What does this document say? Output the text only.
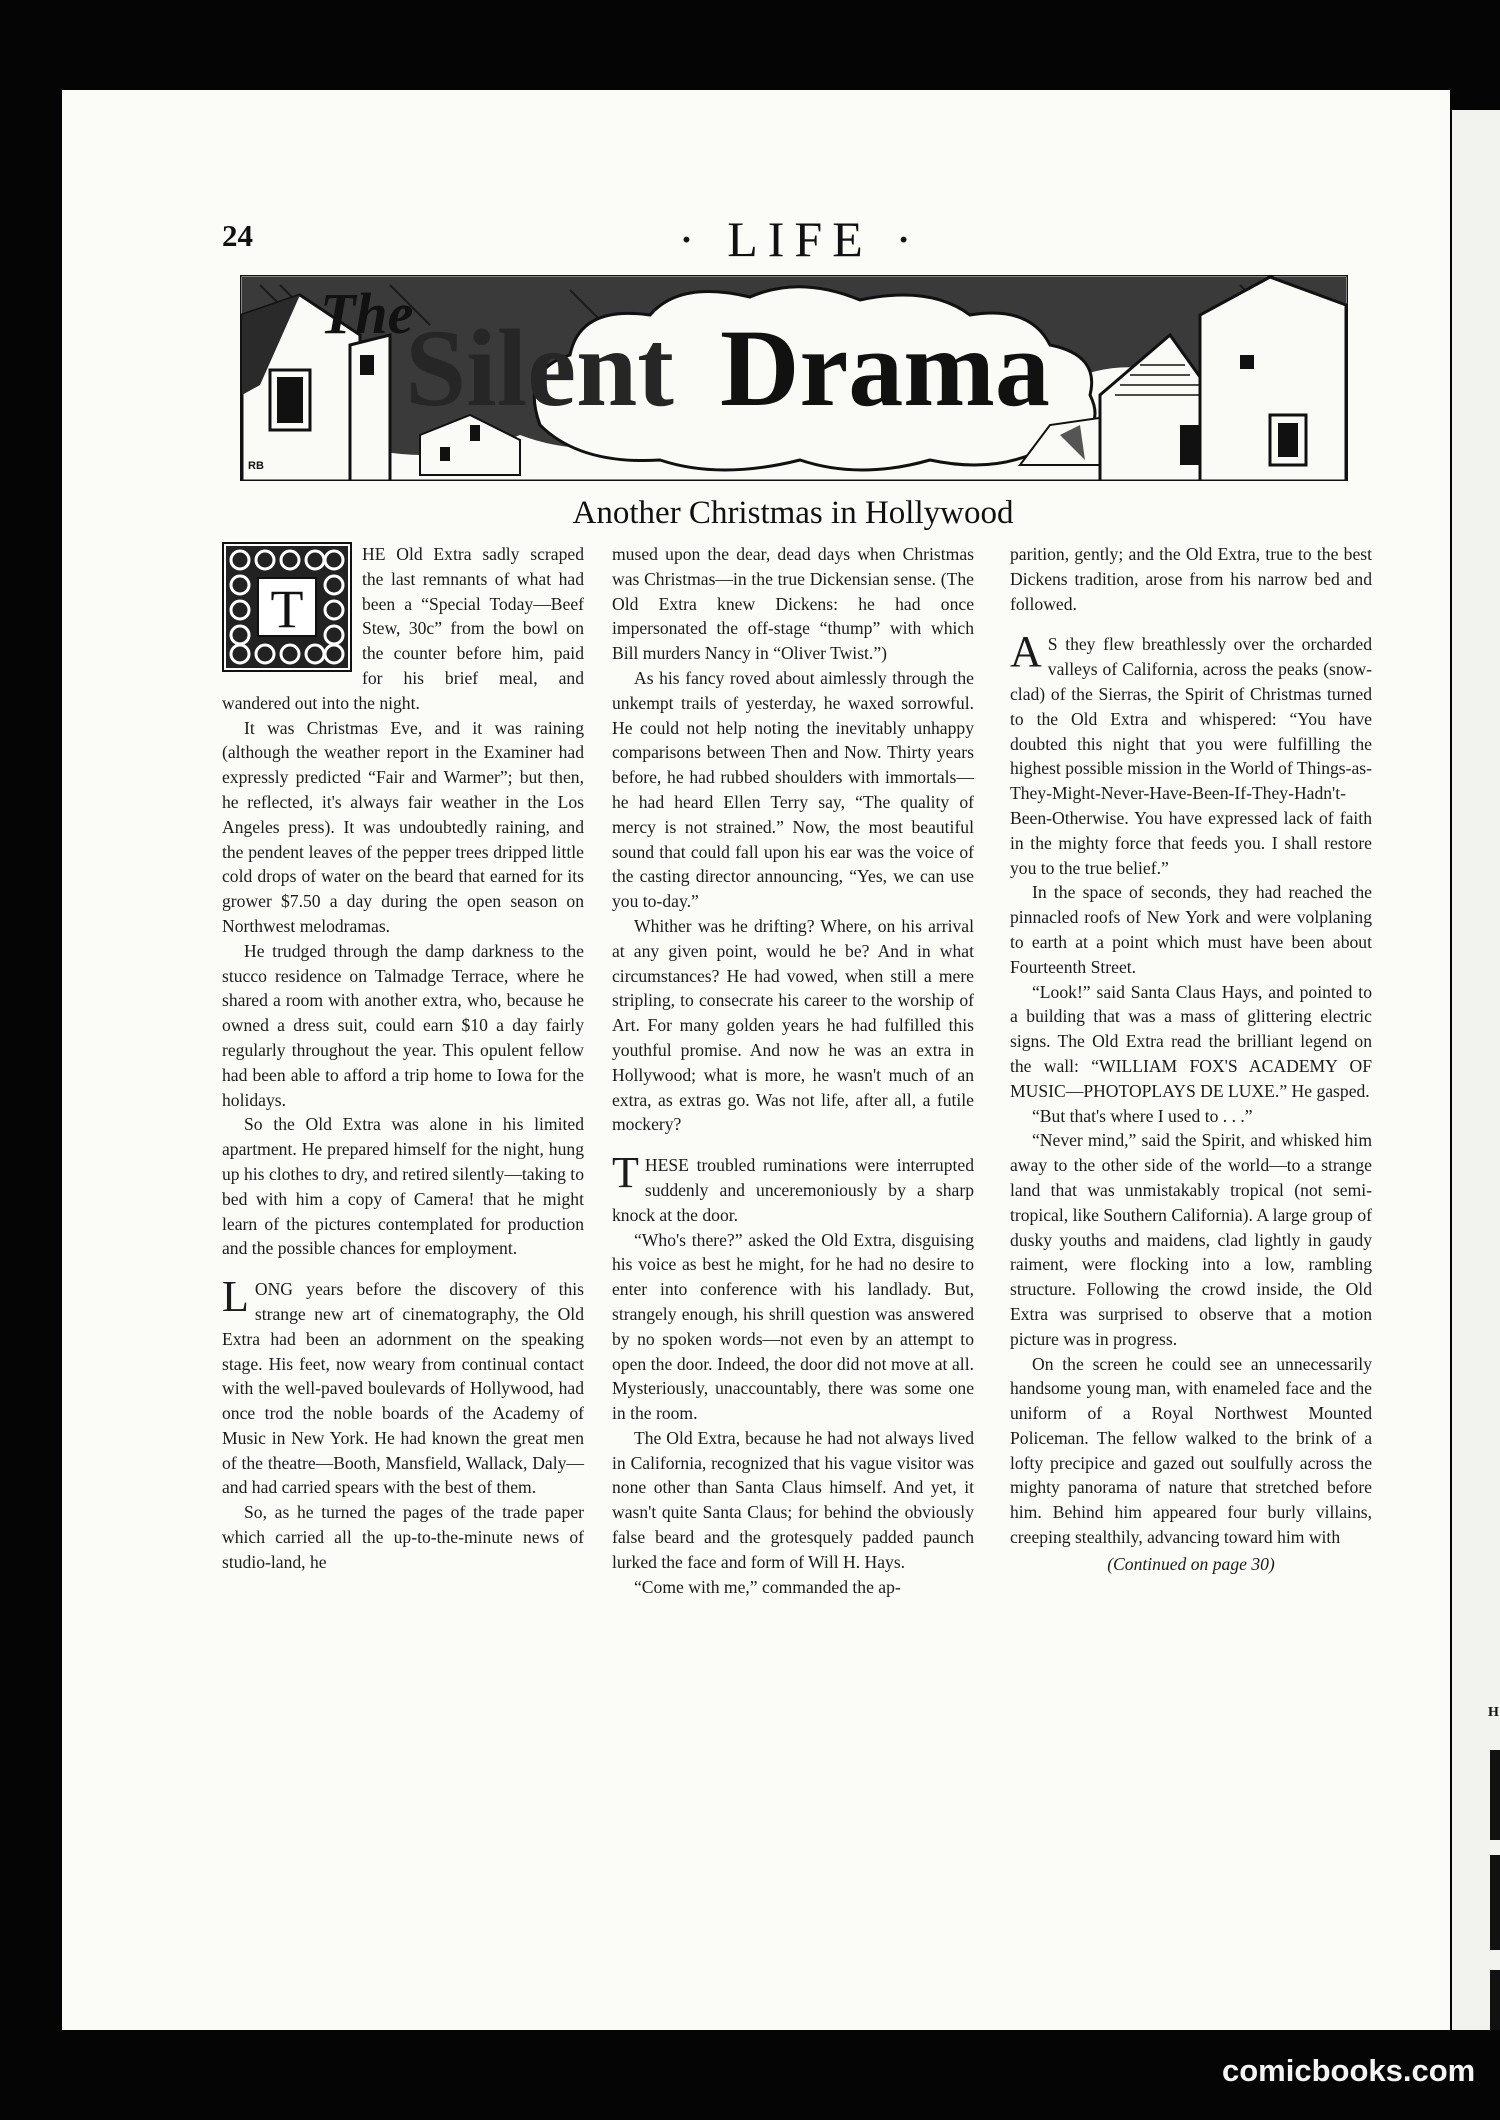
H
24	· LIFE ·
The
Silent Drama
RB
Another Christmas in Hollywood
T

HE Old Extra sadly scraped the last remnants of what had been a “Special Today—Beef Stew, 30c” from the bowl on the counter before him, paid for his brief meal, and wandered out into the night.

It was Christmas Eve, and it was raining (although the weather report in the Examiner had expressly predicted “Fair and Warmer”; but then, he reflected, it's always fair weather in the Los Angeles press). It was undoubtedly raining, and the pendent leaves of the pepper trees dripped little cold drops of water on the beard that earned for its grower $7.50 a day during the open season on Northwest melodramas.

He trudged through the damp darkness to the stucco residence on Talmadge Terrace, where he shared a room with another extra, who, because he owned a dress suit, could earn $10 a day fairly regularly throughout the year. This opulent fellow had been able to afford a trip home to Iowa for the holidays.

So the Old Extra was alone in his limited apartment. He prepared himself for the night, hung up his clothes to dry, and retired silently—taking to bed with him a copy of Camera! that he might learn of the pictures contemplated for production and the possible chances for employment.

LONG years before the discovery of this strange new art of cinematography, the Old Extra had been an adornment on the speaking stage. His feet, now weary from continual contact with the well-paved boulevards of Hollywood, had once trod the noble boards of the Academy of Music in New York. He had known the great men of the theatre—Booth, Mansfield, Wallack, Daly—and had carried spears with the best of them.

So, as he turned the pages of the trade paper which carried all the up-to-the-minute news of studio-land, he

mused upon the dear, dead days when Christmas was Christmas—in the true Dickensian sense. (The Old Extra knew Dickens: he had once impersonated the off-stage “thump” with which Bill murders Nancy in “Oliver Twist.”)

As his fancy roved about aimlessly through the unkempt trails of yesterday, he waxed sorrowful. He could not help noting the inevitably unhappy comparisons between Then and Now. Thirty years before, he had rubbed shoulders with immortals—he had heard Ellen Terry say, “The quality of mercy is not strained.” Now, the most beautiful sound that could fall upon his ear was the voice of the casting director announcing, “Yes, we can use you to-day.”

Whither was he drifting? Where, on his arrival at any given point, would he be? And in what circumstances? He had vowed, when still a mere stripling, to consecrate his career to the worship of Art. For many golden years he had fulfilled this youthful promise. And now he was an extra in Hollywood; what is more, he wasn't much of an extra, as extras go. Was not life, after all, a futile mockery?

THESE troubled ruminations were interrupted suddenly and unceremoniously by a sharp knock at the door.

“Who's there?” asked the Old Extra, disguising his voice as best he might, for he had no desire to enter into conference with his landlady. But, strangely enough, his shrill question was answered by no spoken words—not even by an attempt to open the door. Indeed, the door did not move at all. Mysteriously, unaccountably, there was some one in the room.

The Old Extra, because he had not always lived in California, recognized that his vague visitor was none other than Santa Claus himself. And yet, it wasn't quite Santa Claus; for behind the obviously false beard and the grotesquely padded paunch lurked the face and form of Will H. Hays.

“Come with me,” commanded the ap-

parition, gently; and the Old Extra, true to the best Dickens tradition, arose from his narrow bed and followed.

A S they flew breathlessly over the orcharded valleys of California, across the peaks (snow-clad) of the Sierras, the Spirit of Christmas turned to the Old Extra and whispered: “You have doubted this night that you were fulfilling the highest possible mission in the World of Things-as-They-Might-Never-Have-Been-If-They-Hadn't-Been-Otherwise. You have expressed lack of faith in the mighty force that feeds you. I shall restore you to the true belief.”

In the space of seconds, they had reached the pinnacled roofs of New York and were volplaning to earth at a point which must have been about Fourteenth Street.

“Look!” said Santa Claus Hays, and pointed to a building that was a mass of glittering electric signs. The Old Extra read the brilliant legend on the wall: “WILLIAM FOX'S ACADEMY OF MUSIC—PHOTOPLAYS DE LUXE.” He gasped.

“But that's where I used to . . .”

“Never mind,” said the Spirit, and whisked him away to the other side of the world—to a strange land that was unmistakably tropical (not semi-tropical, like Southern California). A large group of dusky youths and maidens, clad lightly in gaudy raiment, were flocking into a low, rambling structure. Following the crowd inside, the Old Extra was surprised to observe that a motion picture was in progress.

On the screen he could see an unnecessarily handsome young man, with enameled face and the uniform of a Royal Northwest Mounted Policeman. The fellow walked to the brink of a lofty precipice and gazed out soulfully across the mighty panorama of nature that stretched before him. Behind him appeared four burly villains, creeping stealthily, advancing toward him with

(Continued on page 30)

comicbooks.com
